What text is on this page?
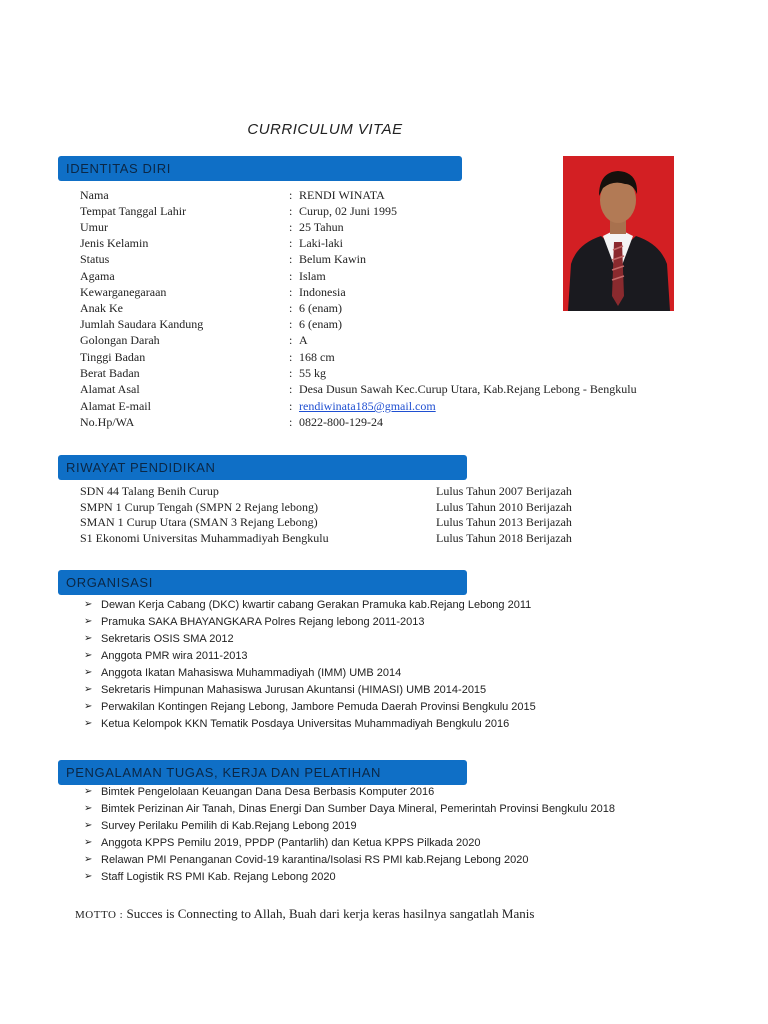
CURRICULUM VITAE
IDENTITAS DIRI
Nama	: RENDI WINATA
Tempat Tanggal Lahir	: Curup, 02 Juni 1995
Umur	: 25 Tahun
Jenis Kelamin	: Laki-laki
Status	: Belum Kawin
Agama	: Islam
Kewarganegaraan	: Indonesia
Anak Ke	: 6 (enam)
Jumlah Saudara Kandung	: 6 (enam)
Golongan Darah	: A
Tinggi Badan	: 168 cm
Berat Badan	: 55 kg
Alamat Asal	: Desa Dusun Sawah Kec.Curup Utara, Kab.Rejang Lebong - Bengkulu
Alamat E-mail	: rendiwinata185@gmail.com
No.Hp/WA	: 0822-800-129-24
RIWAYAT PENDIDIKAN
SDN 44 Talang Benih Curup	Lulus Tahun 2007 Berijazah
SMPN 1 Curup Tengah (SMPN 2 Rejang lebong)	Lulus Tahun 2010 Berijazah
SMAN 1 Curup Utara (SMAN 3 Rejang Lebong)	Lulus Tahun 2013 Berijazah
S1 Ekonomi Universitas Muhammadiyah Bengkulu	Lulus Tahun 2018 Berijazah
ORGANISASI
➢ Dewan Kerja Cabang (DKC) kwartir cabang Gerakan Pramuka kab.Rejang Lebong 2011
➢ Pramuka SAKA BHAYANGKARA Polres Rejang lebong 2011-2013
➢ Sekretaris OSIS SMA 2012
➢ Anggota PMR wira 2011-2013
➢ Anggota Ikatan Mahasiswa Muhammadiyah (IMM) UMB 2014
➢ Sekretaris Himpunan Mahasiswa Jurusan Akuntansi (HIMASI) UMB 2014-2015
➢ Perwakilan Kontingen Rejang Lebong, Jambore Pemuda Daerah Provinsi Bengkulu 2015
➢ Ketua Kelompok KKN Tematik Posdaya Universitas Muhammadiyah Bengkulu 2016
PENGALAMAN TUGAS, KERJA DAN PELATIHAN
➢ Bimtek Pengelolaan Keuangan Dana Desa Berbasis Komputer 2016
➢ Bimtek Perizinan Air Tanah, Dinas Energi Dan Sumber Daya Mineral, Pemerintah Provinsi Bengkulu 2018
➢ Survey Perilaku Pemilih di Kab.Rejang Lebong 2019
➢ Anggota KPPS Pemilu 2019, PPDP (Pantarlih) dan Ketua KPPS Pilkada 2020
➢ Relawan PMI Penanganan Covid-19 karantina/Isolasi RS PMI kab.Rejang Lebong 2020
➢ Staff Logistik RS PMI Kab. Rejang Lebong 2020
MOTTO : Succes is Connecting to Allah, Buah dari kerja keras hasilnya sangatlah Manis
